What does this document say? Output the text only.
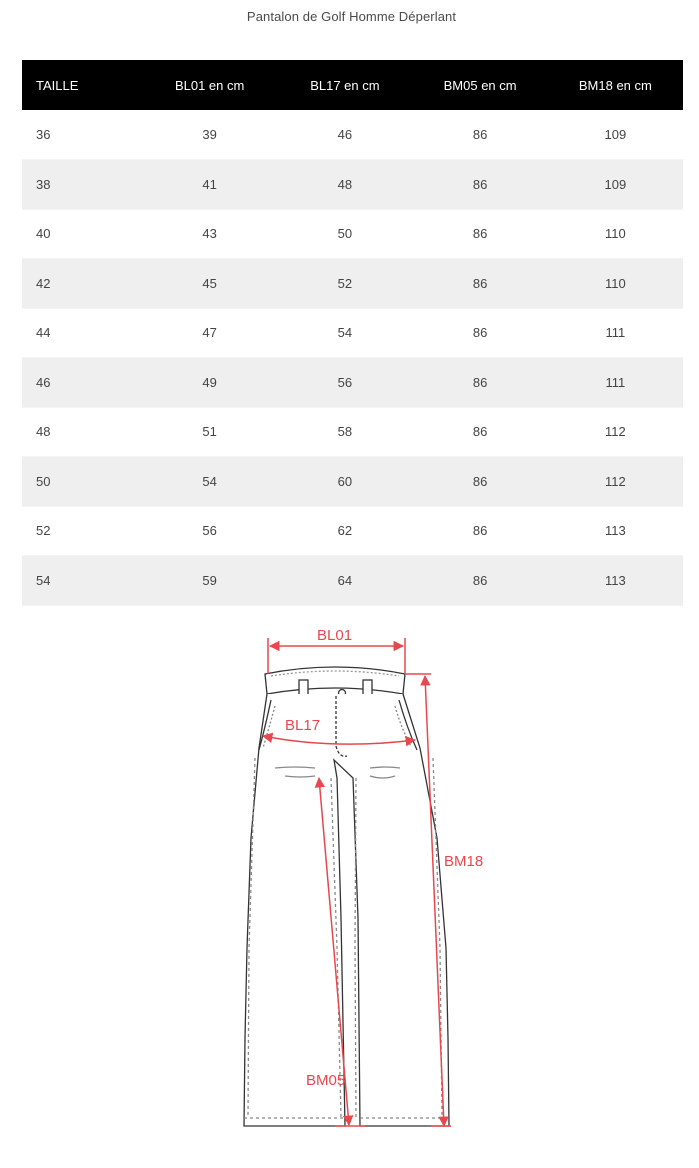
Pantalon de Golf Homme Déperlant
TAILLE	BL01 en cm	BL17 en cm	BM05 en cm	BM18 en cm
36	39	46	86	109
38	41	48	86	109
40	43	50	86	110
42	45	52	86	110
44	47	54	86	111
46	49	56	86	111
48	51	58	86	112
50	54	60	86	112
52	56	62	86	113
54	59	64	86	113
BL01
BL17
BM18
BM05
